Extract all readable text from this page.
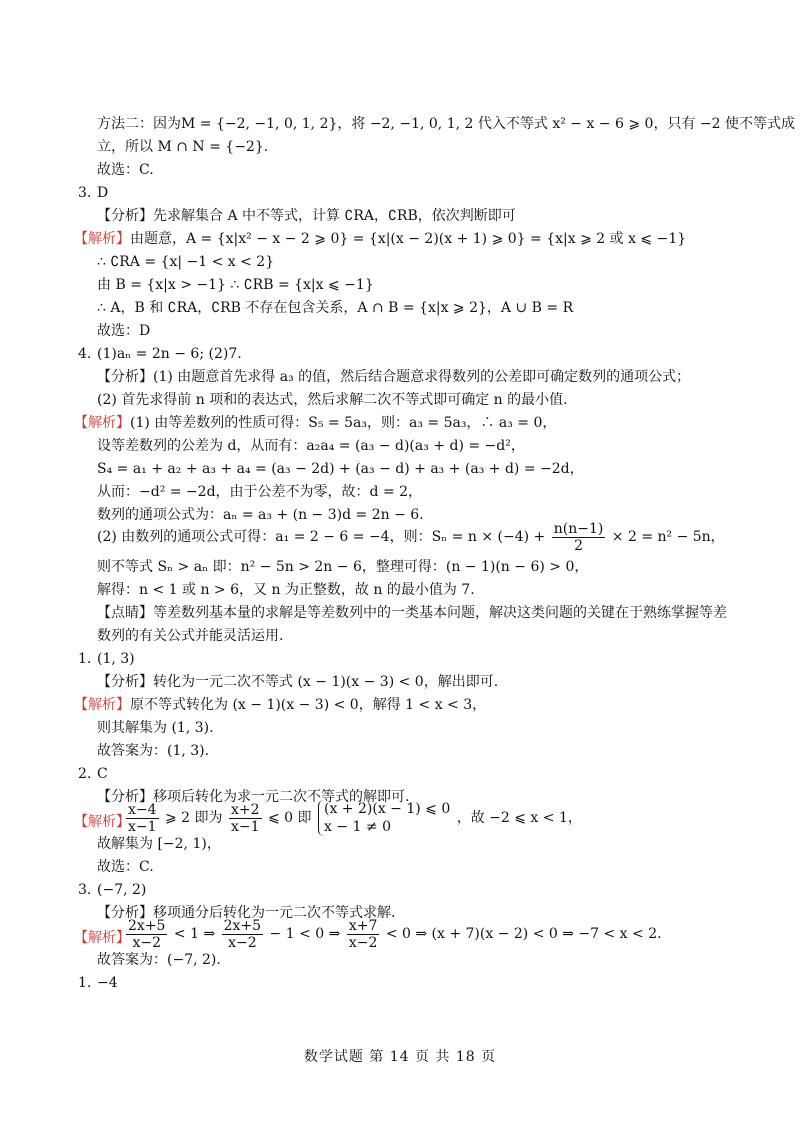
方法二：因为M = {−2, −1, 0, 1, 2}，将 −2, −1, 0, 1, 2 代入不等式 x² − x − 6 ⩾ 0，只有 −2 使不等式成
立，所以 M ∩ N = {−2}.
故选：C.
3. D
【分析】先求解集合 A 中不等式，计算 ∁RA，∁RB，依次判断即可
【解析】 由题意，A = {x|x² − x − 2 ⩾ 0} = {x|(x − 2)(x + 1) ⩾ 0} = {x|x ⩾ 2 或 x ⩽ −1}
∴ ∁RA = {x| −1 < x < 2}
由 B = {x|x > −1} ∴ ∁RB = {x|x ⩽ −1}
∴ A，B 和 ∁RA，∁RB 不存在包含关系，A ∩ B = {x|x ⩾ 2}，A ∪ B = R
故选：D
4. (1)aₙ = 2n − 6; (2)7.
【分析】(1) 由题意首先求得 a₃ 的值，然后结合题意求得数列的公差即可确定数列的通项公式；
(2) 首先求得前 n 项和的表达式，然后求解二次不等式即可确定 n 的最小值.
【解析】 (1) 由等差数列的性质可得：S₅ = 5a₃，则：a₃ = 5a₃，∴ a₃ = 0，
设等差数列的公差为 d，从而有：a₂a₄ = (a₃ − d)(a₃ + d) = −d²，
S₄ = a₁ + a₂ + a₃ + a₄ = (a₃ − 2d) + (a₃ − d) + a₃ + (a₃ + d) = −2d，
从而：−d² = −2d，由于公差不为零，故：d = 2，
数列的通项公式为：aₙ = a₃ + (n − 3)d = 2n − 6.
(2) 由数列的通项公式可得：a₁ = 2 − 6 = −4，则：$S_n = n \times (-4) + \frac{n(n-1)}{2} \times 2 = n^2 - 5n$，
则不等式 Sₙ > aₙ 即：n² − 5n > 2n − 6，整理可得：(n − 1)(n − 6) > 0，
解得：n < 1 或 n > 6，又 n 为正整数，故 n 的最小值为 7.
【点睛】等差数列基本量的求解是等差数列中的一类基本问题，解决这类问题的关键在于熟练掌握等差
数列的有关公式并能灵活运用.
1. (1, 3)
【分析】转化为一元二次不等式 (x − 1)(x − 3) < 0，解出即可.
【解析】 原不等式转化为 (x − 1)(x − 3) < 0，解得 1 < x < 3，
则其解集为 (1, 3).
故答案为：(1, 3).
2. C
【分析】移项后转化为求一元二次不等式的解即可.
【解析】
$\frac{x-4}{x-1}$ ⩾ 2 即为 $\frac{x+2}{x-1}$ ⩽ 0 即
(x + 2)(x − 1) ⩽ 0
x − 1 ≠ 0
，故 −2 ⩽ x < 1，
故解集为 [−2, 1)，
故选：C.
3. (−7, 2)
【分析】移项通分后转化为一元二次不等式求解.
【解析】
$\frac{2x+5}{x-2} < 1$ ⇒ $\frac{2x+5}{x-2} - 1 < 0$ ⇒ $\frac{x+7}{x-2} < 0$ ⇒ (x + 7)(x − 2) < 0 ⇒ −7 < x < 2.
故答案为：(−7, 2).
1. −4
数学试题 第 14 页 共 18 页
